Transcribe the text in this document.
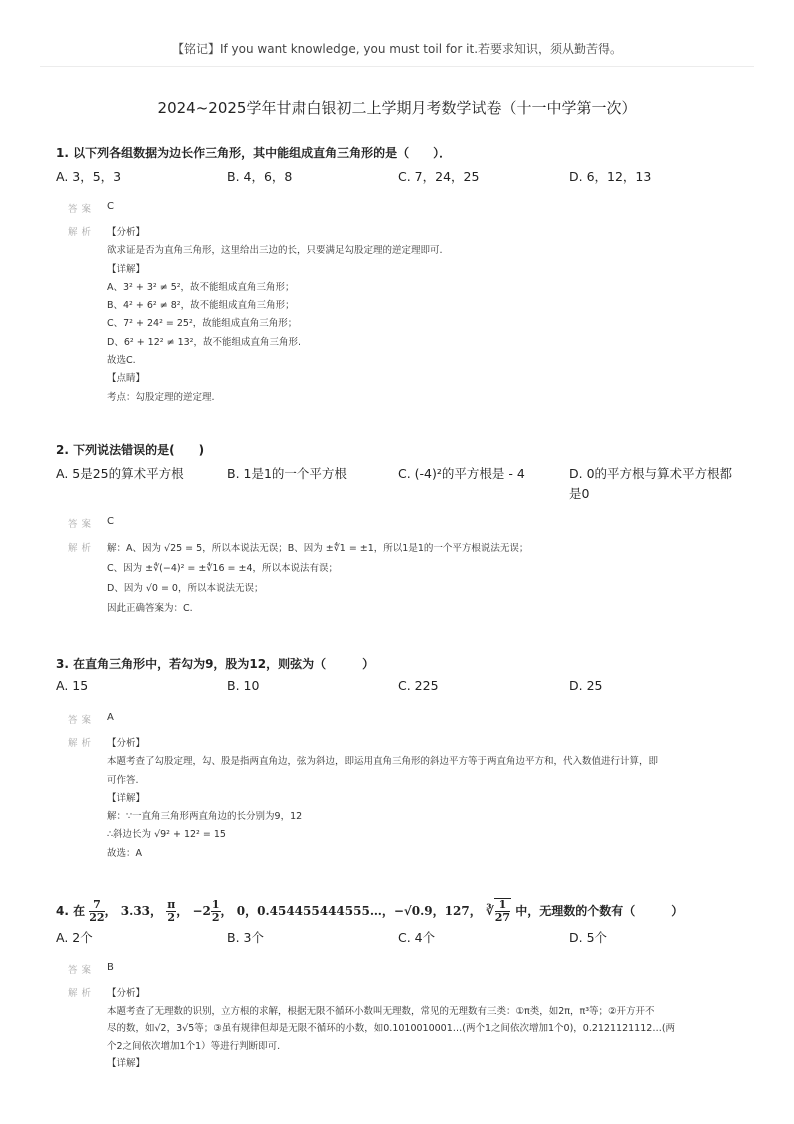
【铭记】If you want knowledge, you must toil for it.若要求知识，须从勤苦得。
2024~2025学年甘肃白银初二上学期月考数学试卷（十一中学第一次）
1. 以下列各组数据为边长作三角形，其中能组成直角三角形的是（　　）．
A. 3，5，3	B. 4，6，8	C. 7，24，25	D. 6，12，13
答案 C
解析 【分析】
欲求证是否为直角三角形，这里给出三边的长，只要满足勾股定理的逆定理即可.
【详解】
A、3² + 3² ≠ 5²，故不能组成直角三角形；
B、4² + 6² ≠ 8²，故不能组成直角三角形；
C、7² + 24² = 25²，故能组成直角三角形；
D、6² + 12² ≠ 13²，故不能组成直角三角形.
故选C.
【点睛】
考点：勾股定理的逆定理.
2. 下列说法错误的是(　　)
A. 5是25的算术平方根	B. 1是1的一个平方根	C. (-4)²的平方根是 - 4	D. 0的平方根与算术平方根都是0
答案 C
解析 解：A、因为 √25 = 5，所以本说法无误；B、因为 ±∜1 = ±1，所以1是1的一个平方根说法无误；
C、因为 ±∜(−4)² = ±∜16 = ±4，所以本说法有误；
D、因为 √0 = 0，所以本说法无误；
因此正确答案为：C.
3. 在直角三角形中，若勾为9，股为12，则弦为（　　　）
A. 15	B. 10	C. 225	D. 25
答案 A
解析 【分析】
本题考查了勾股定理，勾、股是指两直角边，弦为斜边，即运用直角三角形的斜边平方等于两直角边平方和，代入数值进行计算，即
可作答.
【详解】
解：∵一直角三角形两直角边的长分别为9，12
∴斜边长为 √9² + 12² = 15
故选：A
4. 在 $\frac{7}{22}$ ， 3.33， $\frac{\pi}{2}$ ， $-2 \frac{1}{2}$ ， 0，0.454455444555…，−√0.9，127， ∛ $\frac{1}{27}$ 中，无理数的个数有（　　　）
A. 2个	B. 3个	C. 4个	D. 5个
答案 B
解析 【分析】
本题考查了无理数的识别，立方根的求解，根据无限不循环小数叫无理数，常见的无理数有三类：①π类，如2π，π³等；②开方开不
尽的数，如√2，3√5等；③虽有规律但却是无限不循环的小数，如0.1010010001…(两个1之间依次增加1个0)，0.2121121112…(两
个2之间依次增加1个1）等进行判断即可.
【详解】
